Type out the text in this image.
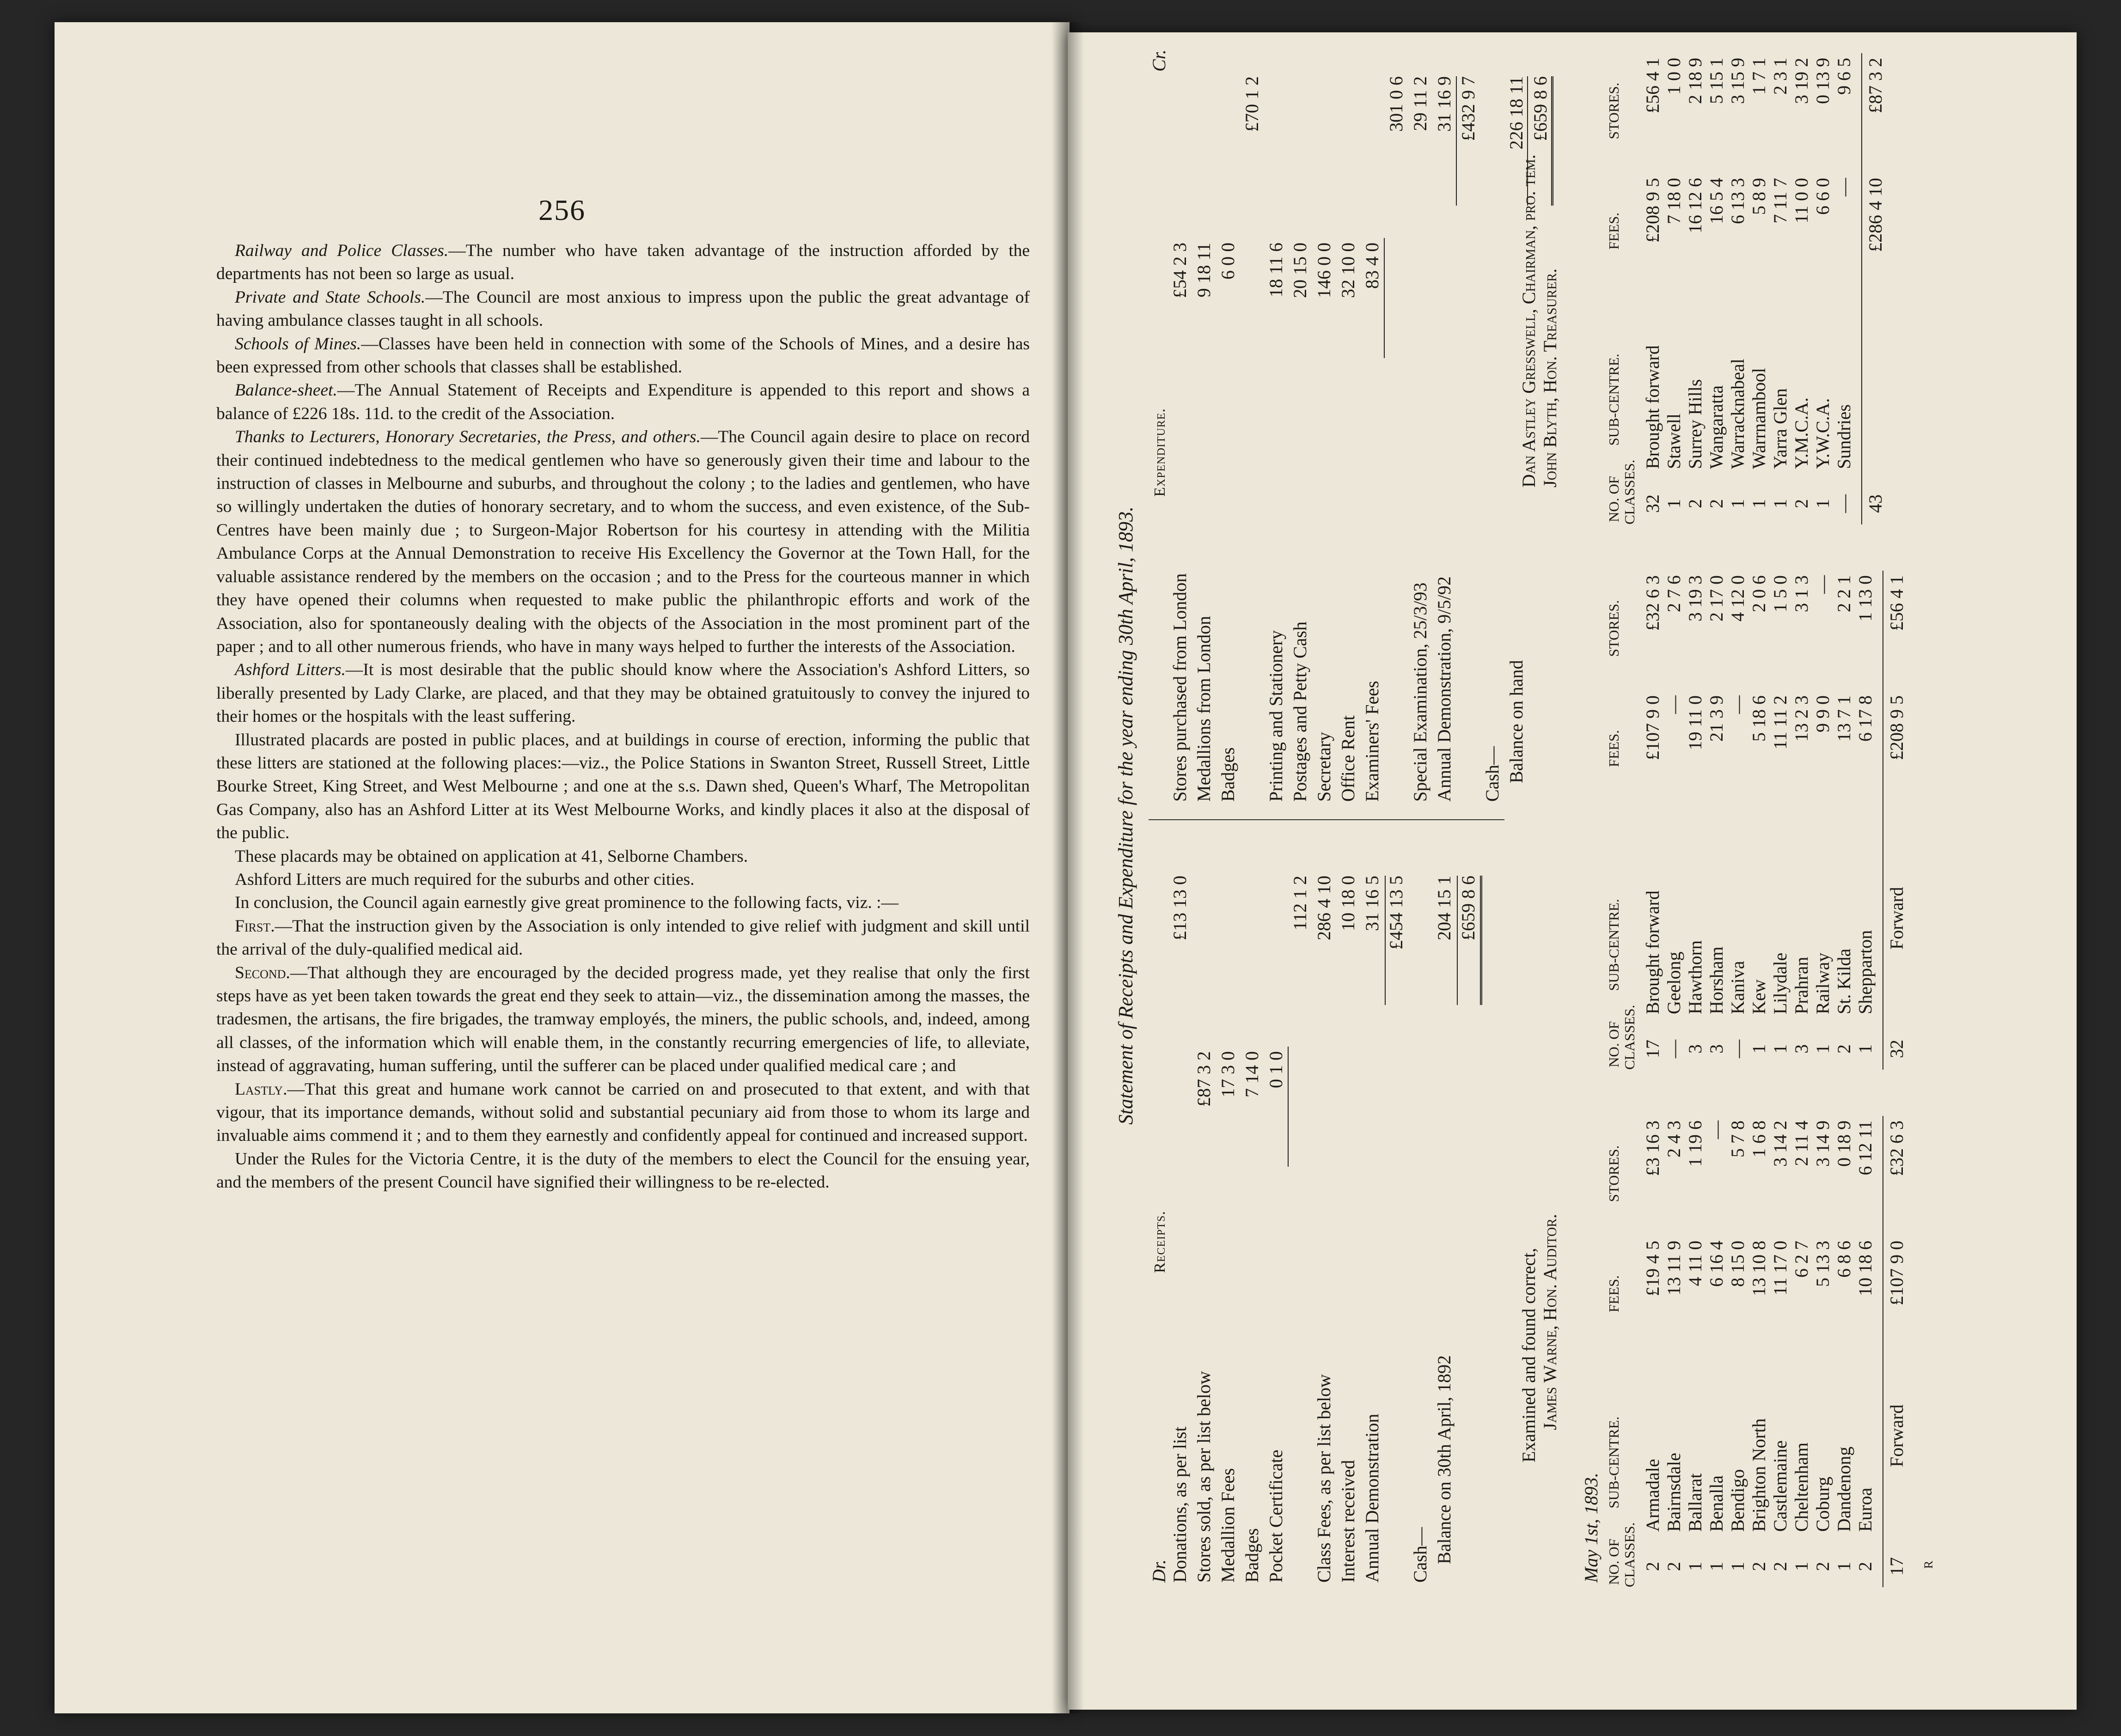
256

Railway and Police Classes.—The number who have taken advantage of the instruction afforded by the departments has not been so large as usual.

Private and State Schools.—The Council are most anxious to impress upon the public the great advantage of having ambulance classes taught in all schools.

Schools of Mines.—Classes have been held in connection with some of the Schools of Mines, and a desire has been expressed from other schools that classes shall be established.

Balance-sheet.—The Annual Statement of Receipts and Expenditure is appended to this report and shows a balance of £226 18s. 11d. to the credit of the Association.

Thanks to Lecturers, Honorary Secretaries, the Press, and others.—The Council again desire to place on record their continued indebtedness to the medical gentlemen who have so generously given their time and labour to the instruction of classes in Melbourne and suburbs, and throughout the colony ; to the ladies and gentlemen, who have so willingly undertaken the duties of honorary secretary, and to whom the success, and even existence, of the Sub-Centres have been mainly due ; to Surgeon-Major Robertson for his courtesy in attending with the Militia Ambulance Corps at the Annual Demonstration to receive His Excellency the Governor at the Town Hall, for the valuable assistance rendered by the members on the occasion ; and to the Press for the courteous manner in which they have opened their columns when requested to make public the philanthropic efforts and work of the Association, also for spontaneously dealing with the objects of the Association in the most prominent part of the paper ; and to all other numerous friends, who have in many ways helped to further the interests of the Association.

Ashford Litters.—It is most desirable that the public should know where the Association's Ashford Litters, so liberally presented by Lady Clarke, are placed, and that they may be obtained gratuitously to convey the injured to their homes or the hospitals with the least suffering.

Illustrated placards are posted in public places, and at buildings in course of erection, informing the public that these litters are stationed at the following places:—viz., the Police Stations in Swanton Street, Russell Street, Little Bourke Street, King Street, and West Melbourne ; and one at the s.s. Dawn shed, Queen's Wharf, The Metropolitan Gas Company, also has an Ashford Litter at its West Melbourne Works, and kindly places it also at the disposal of the public.

These placards may be obtained on application at 41, Selborne Chambers.

Ashford Litters are much required for the suburbs and other cities.

In conclusion, the Council again earnestly give great prominence to the following facts, viz. :—

First.—That the instruction given by the Association is only intended to give relief with judgment and skill until the arrival of the duly-qualified medical aid.

Second.—That although they are encouraged by the decided progress made, yet they realise that only the first steps have as yet been taken towards the great end they seek to attain—viz., the dissemination among the masses, the tradesmen, the artisans, the fire brigades, the tramway employés, the miners, the public schools, and, indeed, among all classes, of the information which will enable them, in the constantly recurring emergencies of life, to alleviate, instead of aggravating, human suffering, until the sufferer can be placed under qualified medical care ; and

Lastly.—That this great and humane work cannot be carried on and prosecuted to that extent, and with that vigour, that its importance demands, without solid and substantial pecuniary aid from those to whom its large and invaluable aims commend it ; and to them they earnestly and confidently appeal for continued and increased support.

Under the Rules for the Victoria Centre, it is the duty of the members to elect the Council for the ensuing year, and the members of the present Council have signified their willingness to be re-elected.

Statement of Receipts and Expenditure for the year ending 30th April, 1893.
Dr.
Receipts.
Expenditure.
Cr.
Donations, as per list
£13 13 0
Stores sold, as per list below
£87 3 2
Medallion Fees
17 3 0
Badges
7 14 0
Pocket Certificate
0 1 0
112 1 2
Class Fees, as per list below
286 4 10
Interest received
10 18 0
Annual Demonstration
31 16 5 £454 13 5
Cash— Balance on 30th April, 1892
204 15 1 £659 8 6
Stores purchased from London
£54 2 3
Medallions from London
9 18 11
Badges
6 0 0
£70 1 2
Printing and Stationery
18 11 6
Postages and Petty Cash
20 15 0
Secretary
146 0 0
Office Rent
32 10 0
Examiners' Fees
83 4 0
301 0 6
Special Examination, 25/3/93
29 11 2
Annual Demonstration, 9/5/92
31 16 9 £432 9 7
Cash— Balance on hand
226 18 11 £659 8 6
Examined and found correct, James Warne, Hon. Auditor.
Dan Astley Gresswell, Chairman, pro. tem. John Blyth, Hon. Treasurer.
May 1st, 1893. NO. OF CLASSES.
SUB-CENTRE.
FEES.
STORES.
2
Armadale
£19 4 5
£3 16 3
2
Bairnsdale
13 11 9
2 4 3
1
Ballarat
4 11 0
1 19 6
1
Benalla
6 16 4
—
1
Bendigo
8 15 0
5 7 8
2
Brighton North
13 10 8
1 6 8
2
Castlemaine
11 17 0
3 14 2
1
Cheltenham
6 2 7
2 11 4
2
Coburg
5 13 3
3 14 9
1
Dandenong
6 8 6
0 18 9
2
Euroa
10 18 6
6 12 11
17
Forward
£107 9 0
£32 6 3
NO. OF CLASSES.
SUB-CENTRE.
FEES.
STORES.
17
Brought forward
£107 9 0
£32 6 3
—
Geelong
—
2 7 6
3
Hawthorn
19 11 0
3 19 3
3
Horsham
21 3 9
2 17 0
—
Kaniva
—
4 12 0
1
Kew
5 18 6
2 0 6
1
Lilydale
11 11 2
1 5 0
3
Prahran
13 2 3
3 1 3
1
Railway
9 9 0
—
2
St. Kilda
13 7 1
2 2 1
1
Shepparton
6 17 8
1 13 0
32
Forward
£208 9 5
£56 4 1
NO. OF CLASSES.
SUB-CENTRE.
FEES.
STORES.
32
Brought forward
£208 9 5
£56 4 1
1
Stawell
7 18 0
1 0 0
2
Surrey Hills
16 12 6
2 18 9
2
Wangaratta
16 5 4
5 15 1
1
Warracknabeal
6 13 3
3 15 9
1
Warrnambool
5 8 9
1 7 1
1
Yarra Glen
7 11 7
2 3 1
2
Y.M.C.A.
11 0 0
3 19 2
1
Y.W.C.A.
6 6 0
0 13 9
—
Sundries
—
9 6 5
43
£286 4 10
£87 3 2
R
